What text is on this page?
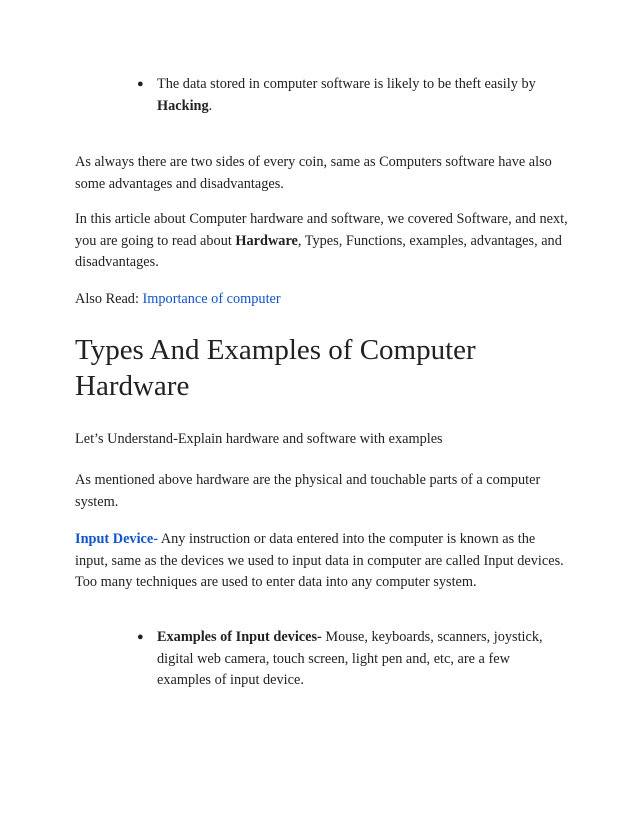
● The data stored in computer software is likely to be theft easily by Hacking.

As always there are two sides of every coin, same as Computers software have also some advantages and disadvantages.

In this article about Computer hardware and software, we covered Software, and next, you are going to read about Hardware, Types, Functions, examples, advantages, and disadvantages.

Also Read: Importance of computer

Types And Examples of Computer Hardware

Let’s Understand-Explain hardware and software with examples

As mentioned above hardware are the physical and touchable parts of a computer system.

Input Device- Any instruction or data entered into the computer is known as the input, same as the devices we used to input data in computer are called Input devices. Too many techniques are used to enter data into any computer system.

● Examples of Input devices- Mouse, keyboards, scanners, joystick, digital web camera, touch screen, light pen and, etc, are a few examples of input device.
